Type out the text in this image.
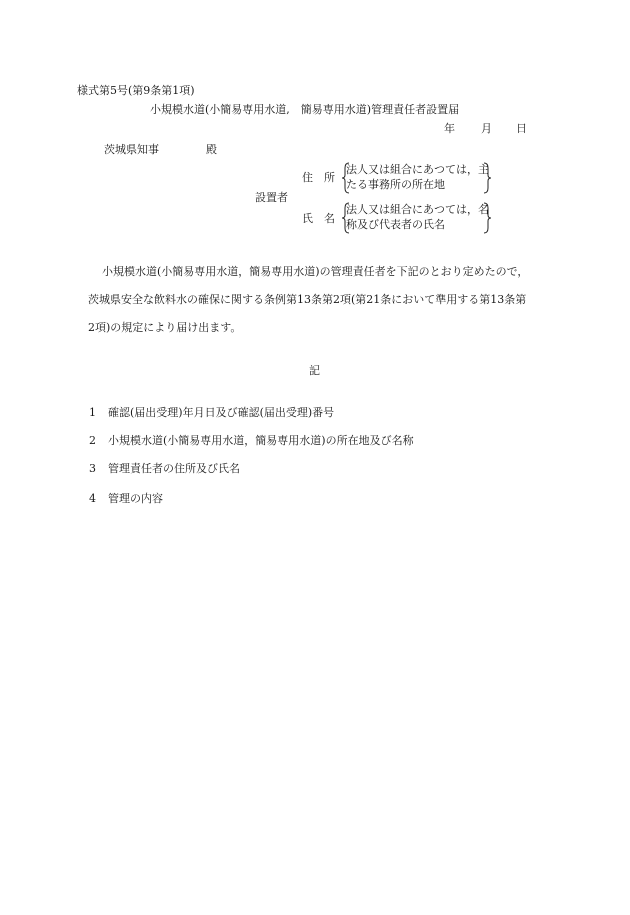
様式第5号(第9条第1項)
小規模水道(小簡易専用水道,　簡易専用水道)管理責任者設置届
年 月 日
茨城県知事	殿
設置者
住　所
法人又は組合にあつては，主
たる事務所の所在地
氏　名
法人又は組合にあつては，名
称及び代表者の氏名
小規模水道(小簡易専用水道，簡易専用水道)の管理責任者を下記のとおり定めたので，
茨城県安全な飲料水の確保に関する条例第13条第2項(第21条において準用する第13条第
2項)の規定により届け出ます。
記
1 確認(届出受理)年月日及び確認(届出受理)番号
2 小規模水道(小簡易専用水道，簡易専用水道)の所在地及び名称
3 管理責任者の住所及び氏名
4 管理の内容
